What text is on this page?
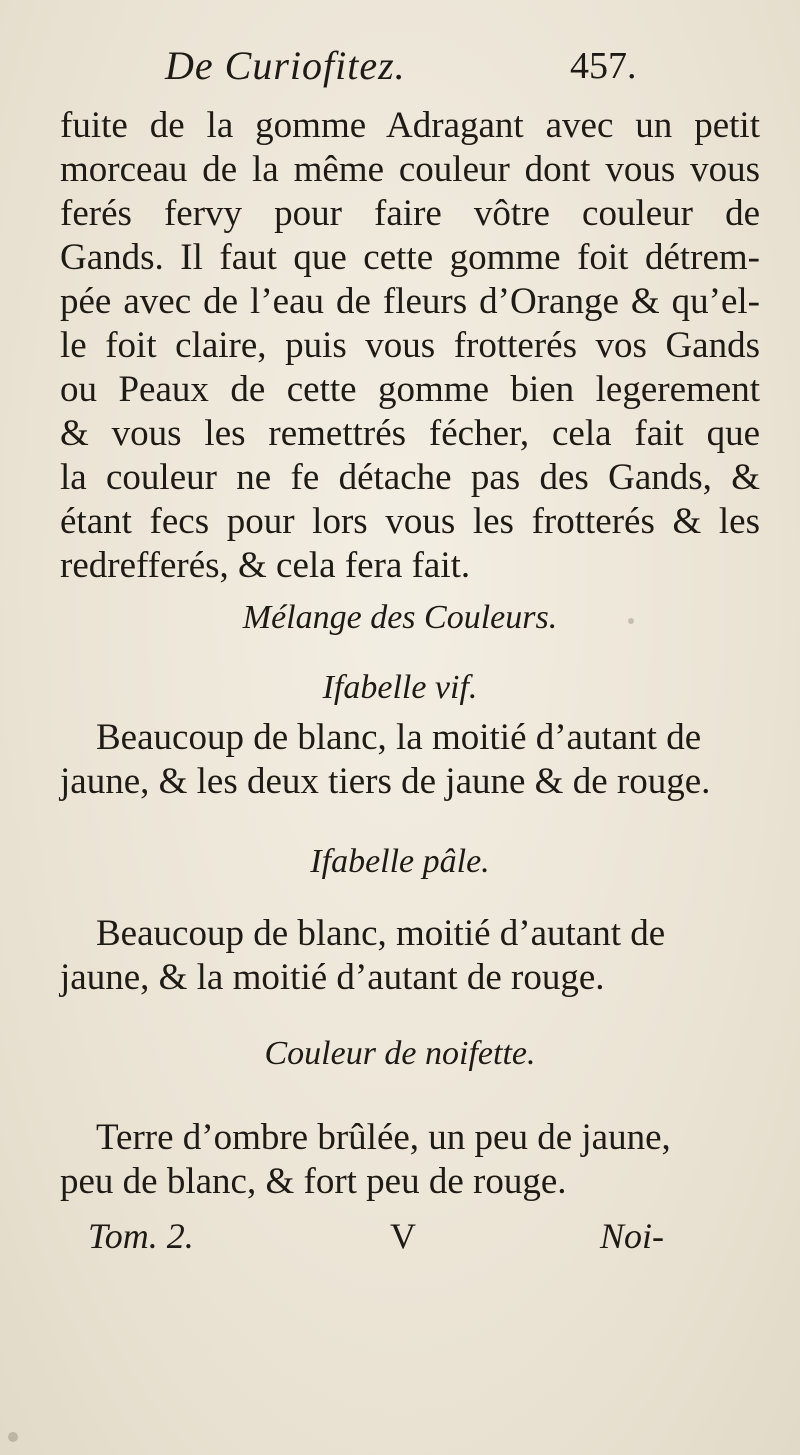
De Curiofitez.	457.
fuite de la gomme Adragant avec un petit
morceau de la même couleur dont vous vous
ferés fervy pour faire vôtre couleur de
Gands. Il faut que cette gomme foit détrem-
pée avec de l’eau de fleurs d’Orange & qu’el-
le foit claire, puis vous frotterés vos Gands
ou Peaux de cette gomme bien legerement
& vous les remettrés fécher, cela fait que
la couleur ne fe détache pas des Gands, &
étant fecs pour lors vous les frotterés & les
redrefferés, & cela fera fait.
Mélange des Couleurs.
Ifabelle vif.
Beaucoup de blanc, la moitié d’autant de
jaune, & les deux tiers de jaune & de rouge.
Ifabelle pâle.
Beaucoup de blanc, moitié d’autant de
jaune, & la moitié d’autant de rouge.
Couleur de noifette.
Terre d’ombre brûlée, un peu de jaune,
peu de blanc, & fort peu de rouge.
Tom. 2.	V	Noi-
